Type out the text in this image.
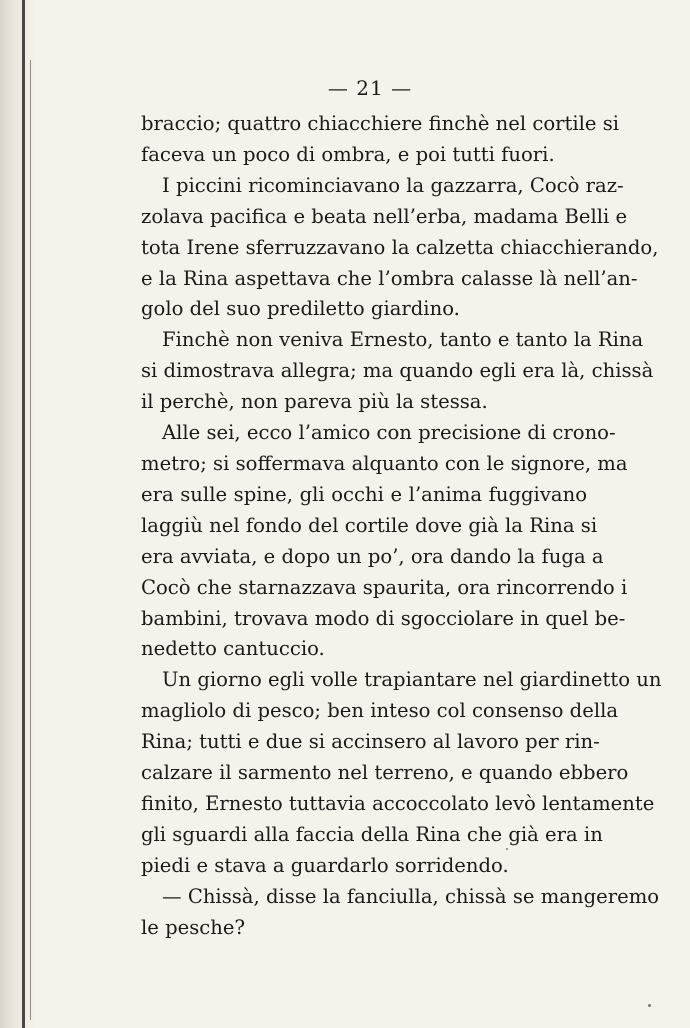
— 21 —

braccio; quattro chiacchiere finchè nel cortile si
faceva un poco di ombra, e poi tutti fuori.

I piccini ricominciavano la gazzarra, Cocò raz-
zolava pacifica e beata nell’erba, madama Belli e
tota Irene sferruzzavano la calzetta chiacchierando,
e la Rina aspettava che l’ombra calasse là nell’an-
golo del suo prediletto giardino.

Finchè non veniva Ernesto, tanto e tanto la Rina
si dimostrava allegra; ma quando egli era là, chissà
il perchè, non pareva più la stessa.

Alle sei, ecco l’amico con precisione di crono-
metro; si soffermava alquanto con le signore, ma
era sulle spine, gli occhi e l’anima fuggivano
laggiù nel fondo del cortile dove già la Rina si
era avviata, e dopo un po’, ora dando la fuga a
Cocò che starnazzava spaurita, ora rincorrendo i
bambini, trovava modo di sgocciolare in quel be-
nedetto cantuccio.

Un giorno egli volle trapiantare nel giardinetto un
magliolo di pesco; ben inteso col consenso della
Rina; tutti e due si accinsero al lavoro per rin-
calzare il sarmento nel terreno, e quando ebbero
finito, Ernesto tuttavia accoccolato levò lentamente
gli sguardi alla faccia della Rina che già era in
piedi e stava a guardarlo sorridendo.

— Chissà, disse la fanciulla, chissà se mangeremo
le pesche?
